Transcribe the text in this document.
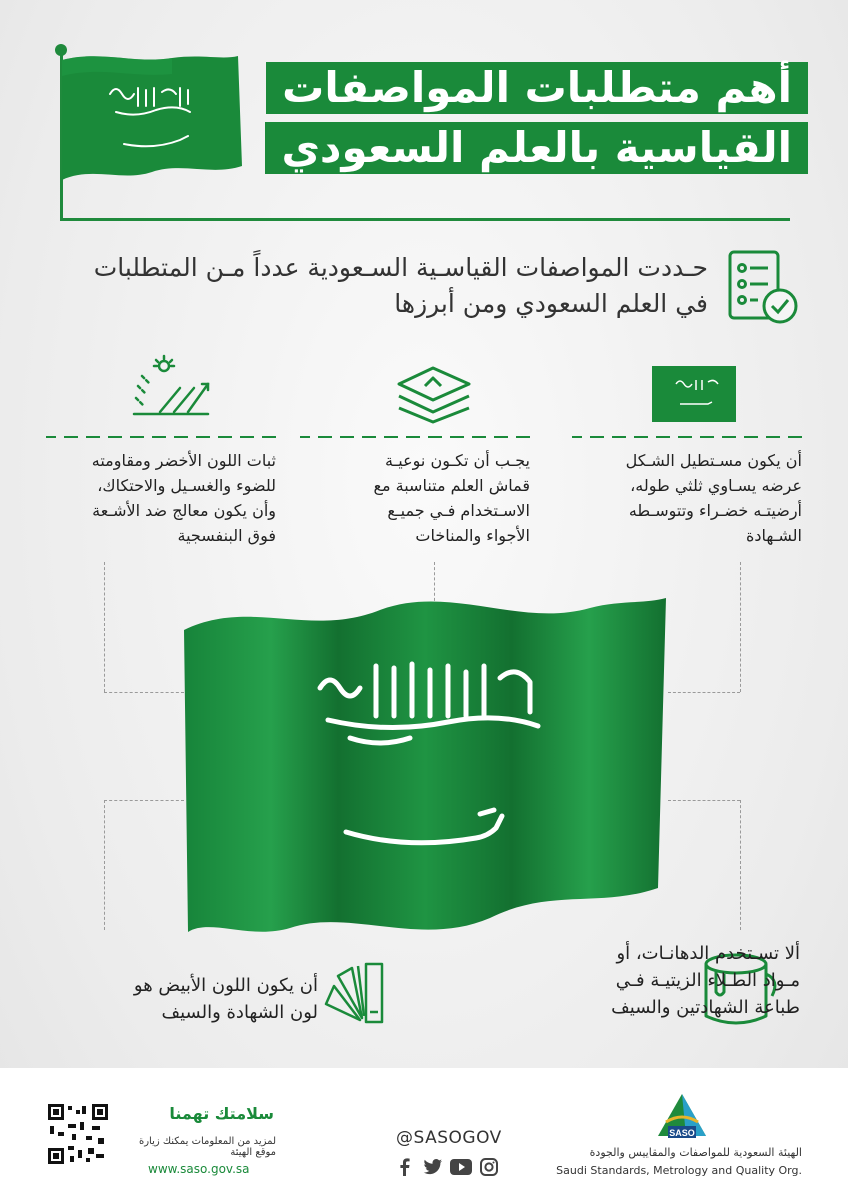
أهم متطلبات المواصفات
القياسية بالعلم السعودي
حـددت المواصفات القياسـية السـعودية عدداً مـن المتطلبات
في العلم السعودي ومن أبرزها
أن يكون مسـتطيل الشـكل
عرضه يسـاوي ثلثي طوله،
أرضيتـه خضـراء وتتوسـطه
الشـهادة
يجـب أن تكـون نوعيـة
قماش العلم متناسبة مع
الاسـتخدام فـي جميـع
الأجواء والمناخات
ثبات اللون الأخضر ومقاومته
للضوء والغسـيل والاحتكاك،
وأن يكون معالج ضد الأشـعة
فوق البنفسجية
ألا تسـتخدم الدهانـات، أو
مـواد الطـلاء الزيتيـة فـي
طباعة الشهادتين والسيف
أن يكون اللون الأبيض هو
لون الشهادة والسيف
سلامتك تهمنا
لمزيد من المعلومات يمكنك زيارة موقع الهيئة
www.saso.gov.sa
@SASOGOV	SASO
الهيئة السعودية للمواصفات والمقاييس والجودة
Saudi Standards, Metrology and Quality Org.
